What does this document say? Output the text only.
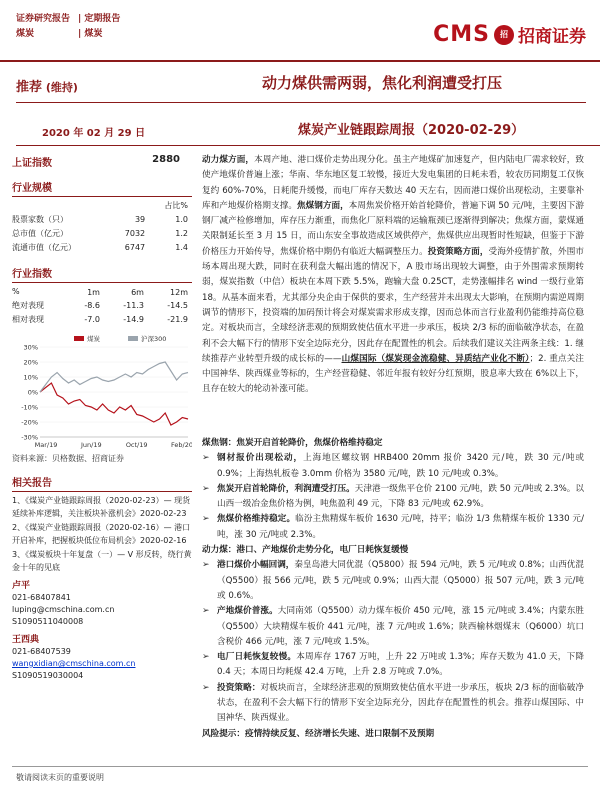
证券研究报告 | 定期报告
煤炭	| 煤炭	CMS	招 招商证券
推荐 (维持)	动力煤供需两弱，焦化利润遭受打压
2020 年 02 月 29 日	煤炭产业链跟踪周报（2020-02-29）
上证指数	2880
行业规模
		占比%
股票家数（只）	39	1.0
总市值（亿元）	7032	1.2
流通市值（亿元）	6747	1.4
行业指数
%	1m	6m	12m
绝对表现	-8.6	-11.3	-14.5
相对表现	-7.0	-14.9	-21.9
30%
20%
10%
0%
-10%
-20%
-30%
Mar/19	Jun/19	Oct/19	Feb/20
煤炭	沪深300
资料来源：贝格数据、招商证券
相关报告

1、《煤炭产业链跟踪周报（2020-02-23）— 现货延续补库逻辑，关注板块补涨机会》2020-02-23

2、《煤炭产业链跟踪周报（2020-02-16）— 港口开启补库，把握板块低位布局机会》2020-02-16

3、《煤炭板块十年复盘（一）— V 形反转，绕行黄金十年的见底

卢平
021-68407841
luping@cmschina.com.cn
S1090511040008
王西典
021-68407539
wangxidian@cmschina.com.cn
S1090519030004
动力煤方面，本周产地、港口煤价走势出现分化。虽主产地煤矿加速复产，但内陆电厂需求较好，致使产地煤价普遍上涨；华南、华东地区复工较慢，接近大发电集团的日耗未看，较农历同期复工仅恢复约 60%-70%，日耗爬升缓慢，而电厂库存天数达 40 天左右，因而港口煤价出现松动，主要靠补库和产地煤价格期支撑。焦煤钢方面，本周焦炭价格开始首轮降价，普遍下调 50 元/吨，主要因下游钢厂减产检修增加，库存压力渐重，而焦化厂原料端的运输瓶颈已逐渐得到解决；焦煤方面，蒙煤通关限制延长至 3 月 15 日，而山东安全事故造成区域供停产，焦煤供应出现暂时性短缺，但鉴于下游价格压力开始传导，焦煤价格中期仍有临近大幅调整压力。投资策略方面，受海外疫情扩散，外围市场本周出现大跌，同时在获利盘大幅出逃的情况下，A 股市场出现较大调整，由于外围需求预期转弱，煤炭指数（中信）板块在本周下跌 5.5%，跑输大盘 0.25CT，走势涨幅排名 wind 一级行业第 18。从基本面来看，尤其部分央企由于保供的要求，生产经营并未出现太大影响，在预期内需逆周期调节的情形下，投资端的加码预计将会对煤炭需求形成支撑，因而总体而言行业盈利仍能维持高位稳定。对板块而言，全球经济悲观的预期致使估值水平进一步承压，板块 2/3 标的面临破净状态，在盈利不会大幅下行的情形下安全边际充分，因此存在配置性的机会。后续我们建议关注两条主线：1. 继续推荐产业转型升级的成长标的——山煤国际（煤炭现金流稳健、异质结产业化不断）；2. 重点关注中国神华、陕西煤业等标的，生产经营稳健、邻近年报有较好分红预期，股息率大致在 6%以上下，且存在较大的轮动补涨可能。
煤焦钢：焦炭开启首轮降价，焦煤价格维持稳定
➢ 钢材报价出现松动，上海地区螺纹钢 HRB400 20mm 报价 3420 元/吨，跌 30 元/吨或 0.9%；上海热轧板卷 3.0mm 价格为 3580 元/吨，跌 10 元/吨或 0.3%。
➢ 焦炭开启首轮降价，利润遭受打压。天津港一级焦平仓价 2100 元/吨，跌 50 元/吨或 2.3%。以山西一级冶金焦价格为例，吨焦盈利 49 元，下降 83 元/吨或 62.9%。
➢ 焦煤价格维持稳定。临汾主焦精煤车板价 1630 元/吨，持平；临汾 1/3 焦精煤车板价 1330 元/吨，涨 30 元/吨或 2.3%。
动力煤：港口、产地煤价走势分化，电厂日耗恢复缓慢
➢ 港口煤价小幅回调，秦皇岛港大同优混（Q5800）报 594 元/吨，跌 5 元/吨或 0.8%；山西优混（Q5500）报 566 元/吨，跌 5 元/吨或 0.9%；山西大混（Q5000）报 507 元/吨，跌 3 元/吨或 0.6%。
➢ 产地煤价普涨。大同南郊（Q5500）动力煤车板价 450 元/吨，涨 15 元/吨或 3.4%；内蒙东胜（Q5500）大块精煤车板价 441 元/吨，涨 7 元/吨或 1.6%；陕西榆林烟煤末（Q6000）坑口含税价 466 元/吨，涨 7 元/吨或 1.5%。
➢ 电厂日耗恢复较慢。本周库存 1767 万吨，上升 22 万吨或 1.3%；库存天数为 41.0 天，下降 0.4 天；本周日均耗煤 42.4 万吨，上升 2.8 万吨或 7.0%。
➢ 投资策略：对板块而言，全球经济悲观的预期致使估值水平进一步承压，板块 2/3 标的面临破净状态，在盈利不会大幅下行的情形下安全边际充分，因此存在配置性的机会。推荐山煤国际、中国神华、陕西煤业。
风险提示：疫情持续反复、经济增长失速、进口限制不及预期
敬请阅读末页的重要说明
